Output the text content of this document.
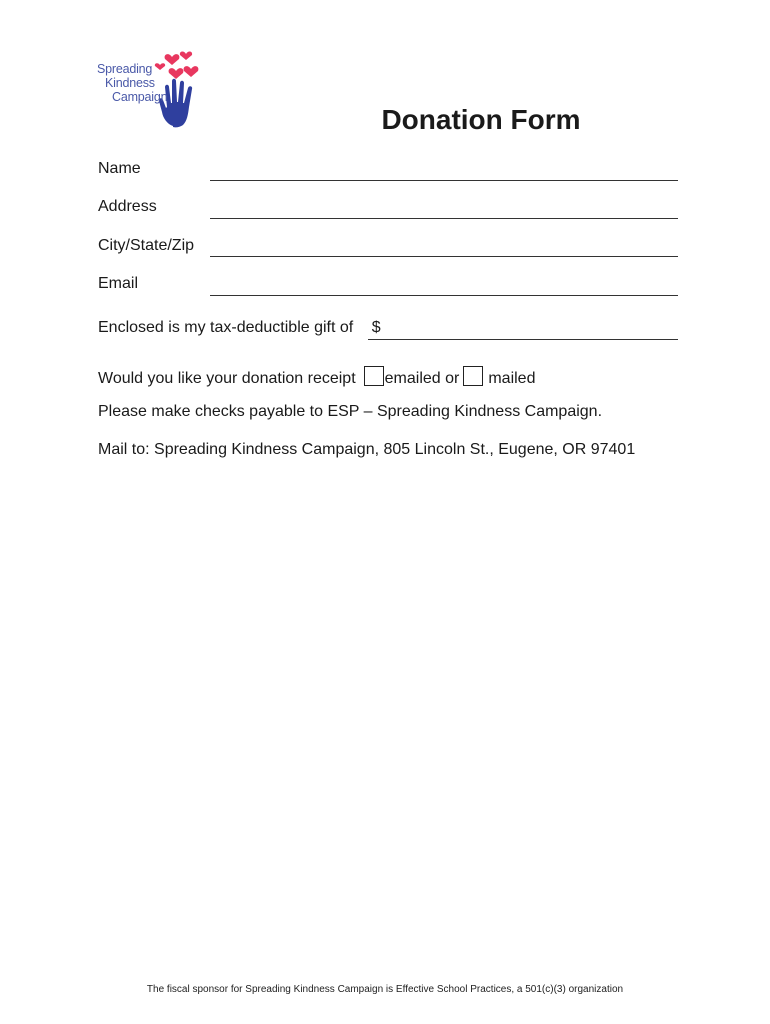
Spreading
Kindness
Campaign
Donation Form
Name
Address
City/State/Zip
Email
Enclosed is my tax-deductible gift of $
Would you like your donation receipt emailed or mailed
Please make checks payable to ESP – Spreading Kindness Campaign.
Mail to: Spreading Kindness Campaign, 805 Lincoln St., Eugene, OR 97401
The fiscal sponsor for Spreading Kindness Campaign is Effective School Practices, a 501(c)(3) organization
